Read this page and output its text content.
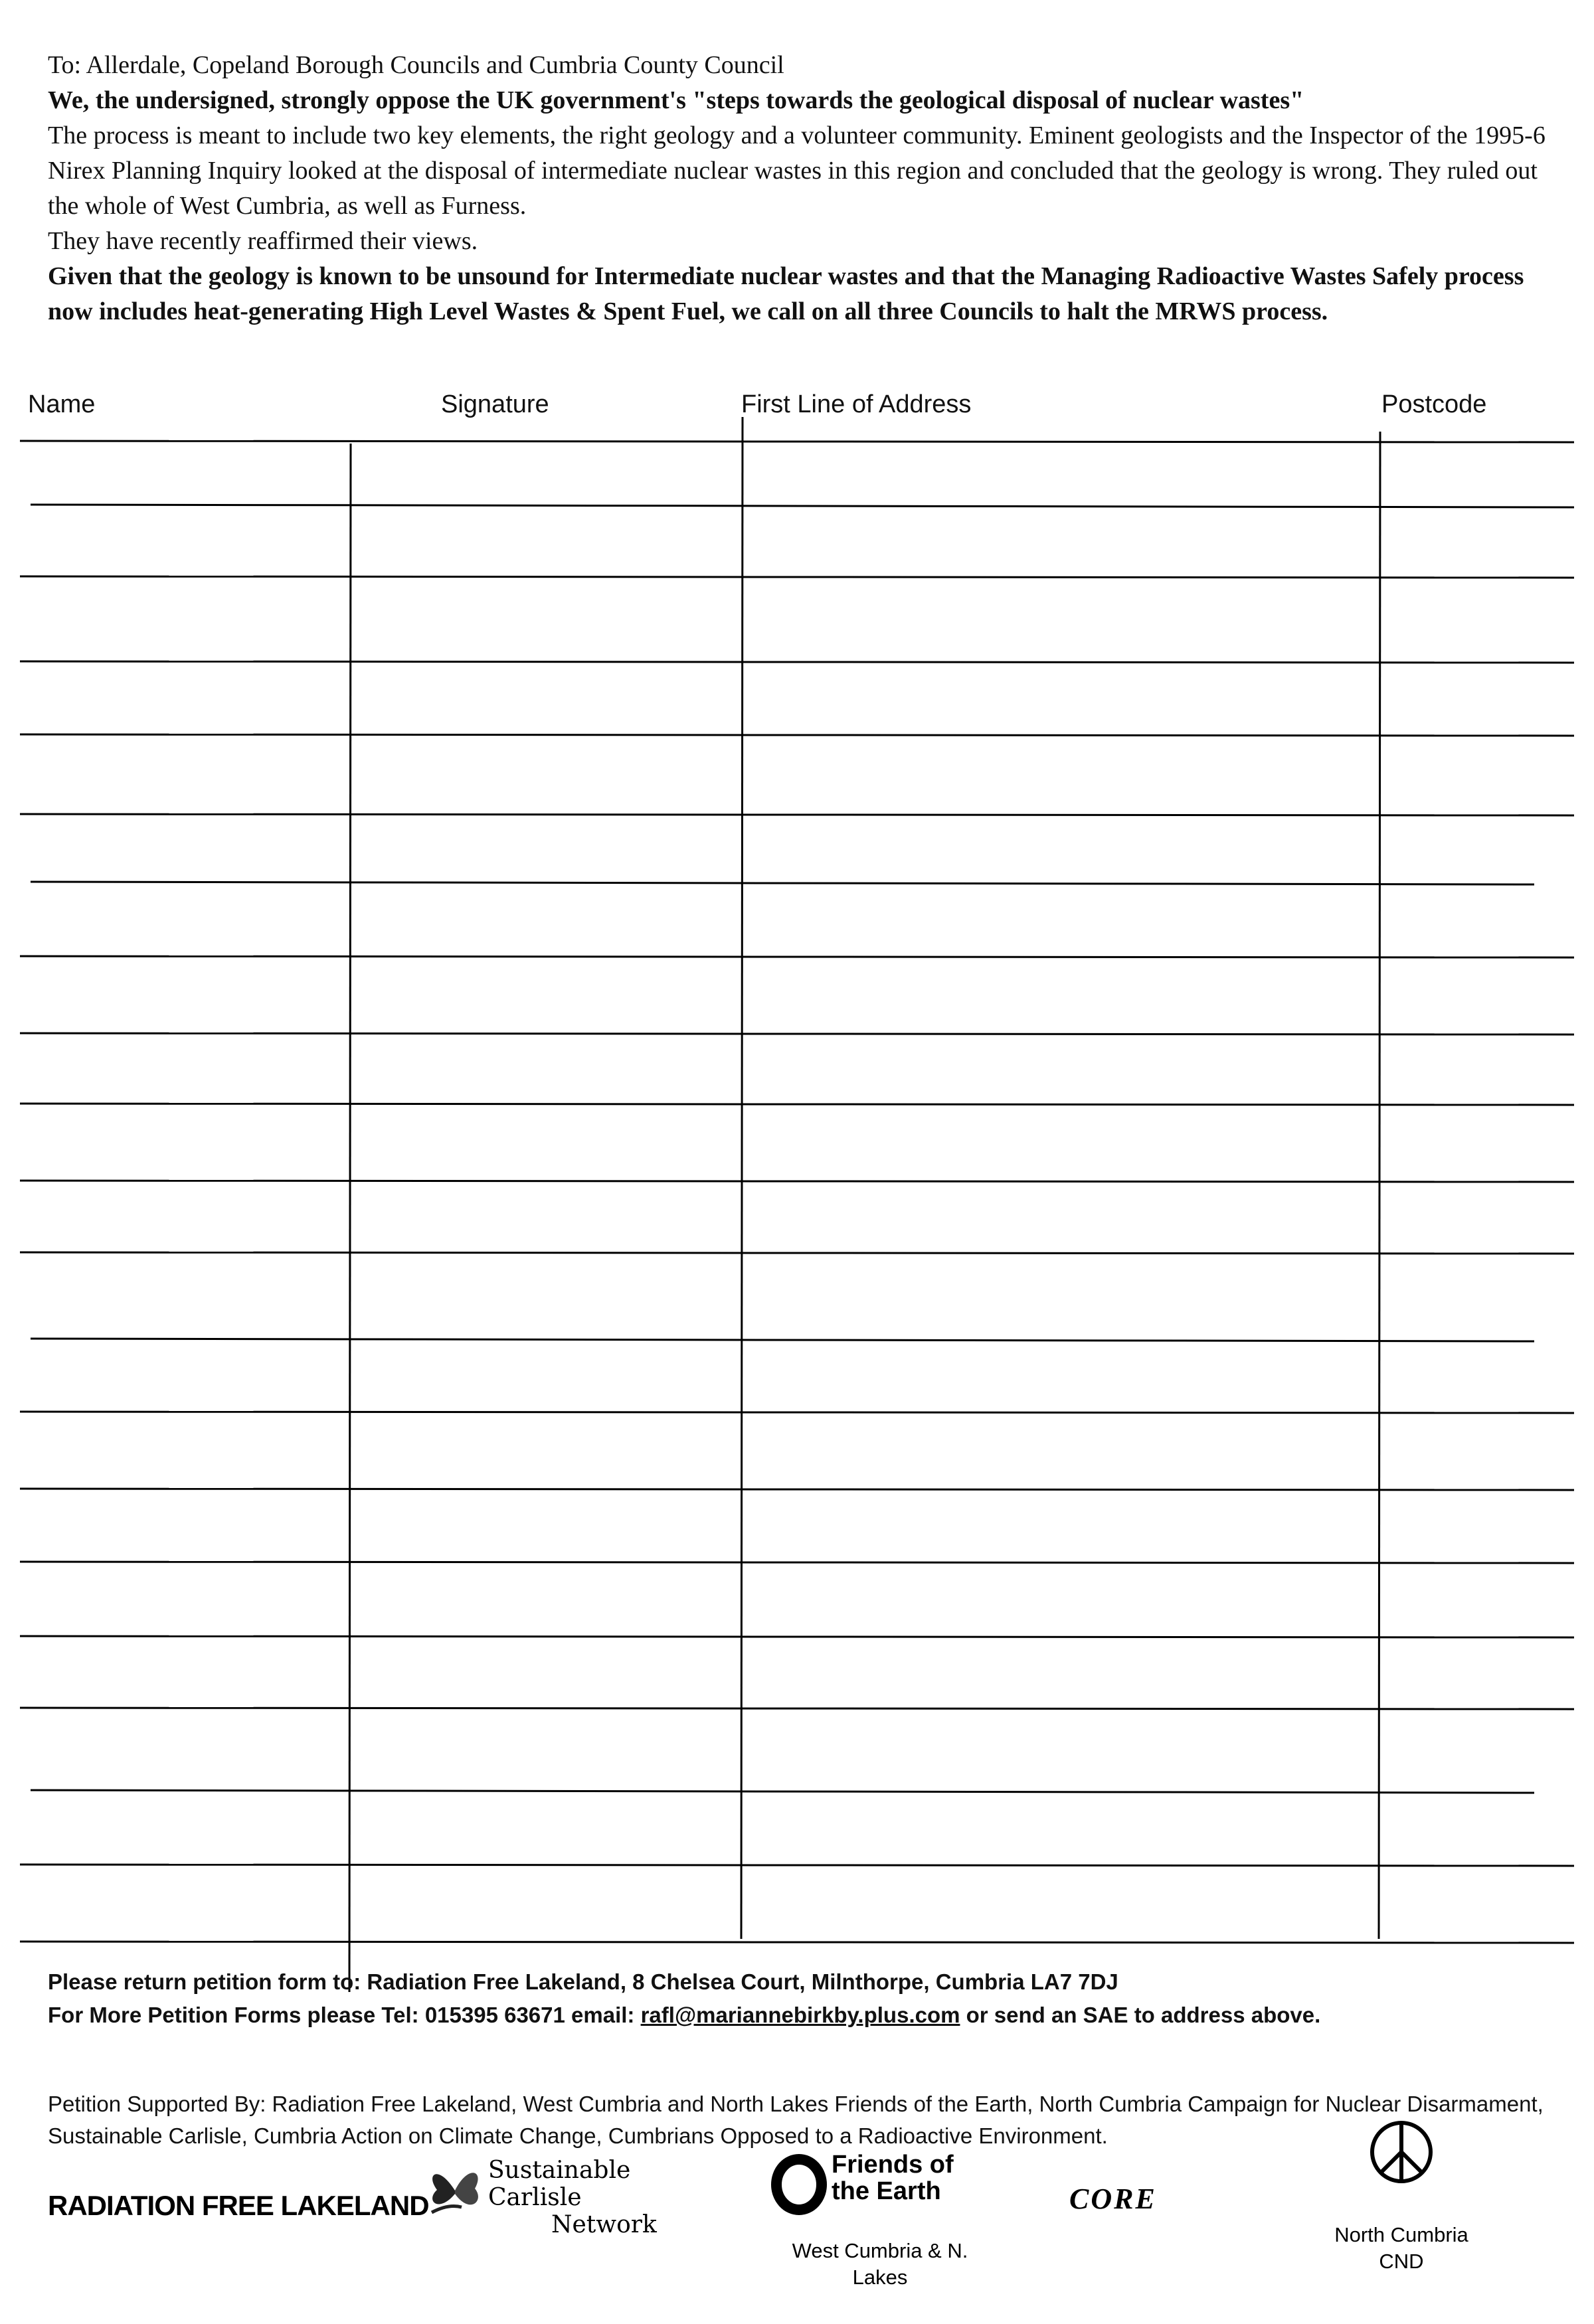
To: Allerdale, Copeland Borough Councils and Cumbria County Council

We, the undersigned, strongly oppose the UK government's "steps towards the geological disposal of nuclear wastes"

The process is meant to include two key elements, the right geology and a volunteer community. Eminent geologists and the Inspector of the 1995-6 Nirex Planning Inquiry looked at the disposal of intermediate nuclear wastes in this region and concluded that the geology is wrong. They ruled out the whole of West Cumbria, as well as Furness.

They have recently reaffirmed their views.

Given that the geology is known to be unsound for Intermediate nuclear wastes and that the Managing Radioactive Wastes Safely process now includes heat-generating High Level Wastes & Spent Fuel, we call on all three Councils to halt the MRWS process.

Name	Signature	First Line of Address	Postcode
Please return petition form to: Radiation Free Lakeland, 8 Chelsea Court, Milnthorpe, Cumbria LA7 7DJ
For More Petition Forms please Tel: 015395 63671 email: rafl@mariannebirkby.plus.com or send an SAE to address above.
Petition Supported By: Radiation Free Lakeland, West Cumbria and North Lakes Friends of the Earth, North Cumbria Campaign for Nuclear Disarmament, Sustainable Carlisle, Cumbria Action on Climate Change, Cumbrians Opposed to a Radioactive Environment.
RADIATION FREE LAKELAND
Sustainable Carlisle
Network
Friends of the Earth
West Cumbria & N. Lakes
CORE
North Cumbria CND
